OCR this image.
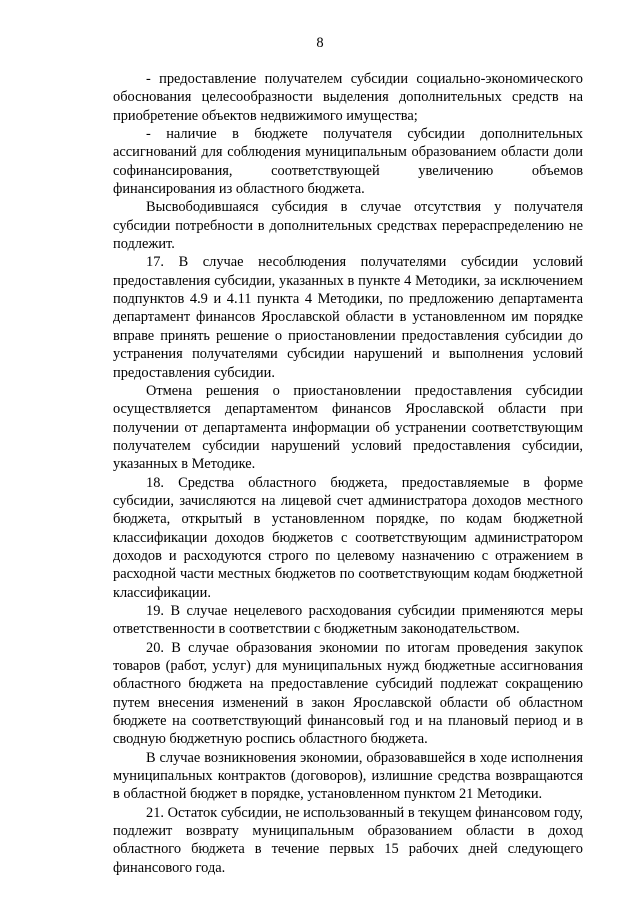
8

- предоставление получателем субсидии социально-экономического обоснования целесообразности выделения дополнительных средств на приобретение объектов недвижимого имущества;

- наличие в бюджете получателя субсидии дополнительных ассигнований для соблюдения муниципальным образованием области доли софинансирования, соответствующей увеличению объемов финансирования из областного бюджета.

Высвободившаяся субсидия в случае отсутствия у получателя субсидии потребности в дополнительных средствах перераспределению не подлежит.

17. В случае несоблюдения получателями субсидии условий предоставления субсидии, указанных в пункте 4 Методики, за исключением подпунктов 4.9 и 4.11 пункта 4 Методики, по предложению департамента департамент финансов Ярославской области в установленном им порядке вправе принять решение о приостановлении предоставления субсидии до устранения получателями субсидии нарушений и выполнения условий предоставления субсидии.

Отмена решения о приостановлении предоставления субсидии осуществляется департаментом финансов Ярославской области при получении от департамента информации об устранении соответствующим получателем субсидии нарушений условий предоставления субсидии, указанных в Методике.

18. Средства областного бюджета, предоставляемые в форме субсидии, зачисляются на лицевой счет администратора доходов местного бюджета, открытый в установленном порядке, по кодам бюджетной классификации доходов бюджетов с соответствующим администратором доходов и расходуются строго по целевому назначению с отражением в расходной части местных бюджетов по соответствующим кодам бюджетной классификации.

19. В случае нецелевого расходования субсидии применяются меры ответственности в соответствии с бюджетным законодательством.

20. В случае образования экономии по итогам проведения закупок товаров (работ, услуг) для муниципальных нужд бюджетные ассигнования областного бюджета на предоставление субсидий подлежат сокращению путем внесения изменений в закон Ярославской области об областном бюджете на соответствующий финансовый год и на плановый период и в сводную бюджетную роспись областного бюджета.

В случае возникновения экономии, образовавшейся в ходе исполнения муниципальных контрактов (договоров), излишние средства возвращаются в областной бюджет в порядке, установленном пунктом 21 Методики.

21. Остаток субсидии, не использованный в текущем финансовом году, подлежит возврату муниципальным образованием области в доход областного бюджета в течение первых 15 рабочих дней следующего финансового года.
